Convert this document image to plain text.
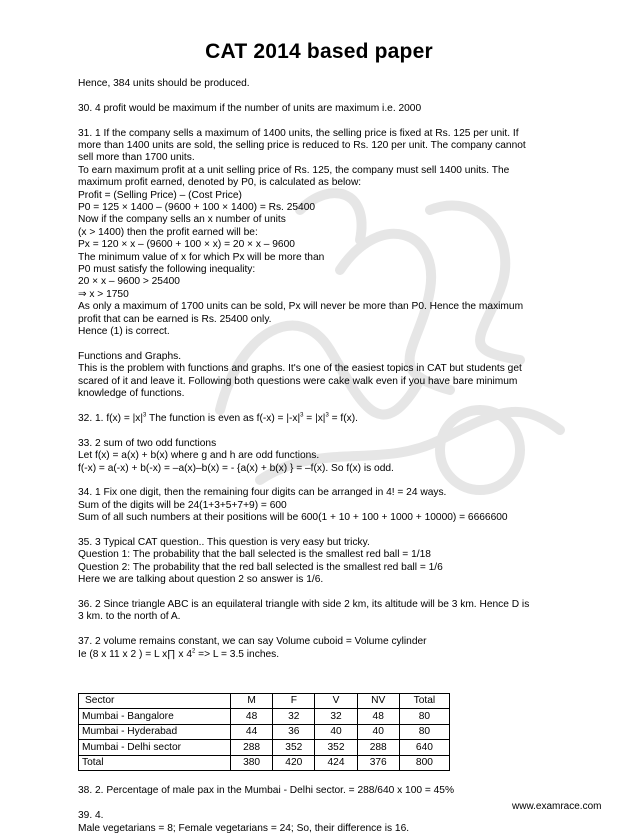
CAT 2014 based paper

Hence, 384 units should be produced.

30. 4 profit would be maximum if the number of units are maximum i.e. 2000

31. 1 If the company sells a maximum of 1400 units, the selling price is fixed at Rs. 125 per unit. If

more than 1400 units are sold, the selling price is reduced to Rs. 120 per unit. The company cannot

sell more than 1700 units.

To earn maximum profit at a unit selling price of Rs. 125, the company must sell 1400 units. The

maximum profit earned, denoted by P0, is calculated as below:

Profit = (Selling Price) – (Cost Price)

P0 = 125 × 1400 – (9600 + 100 × 1400) = Rs. 25400

Now if the company sells an x number of units

(x > 1400) then the profit earned will be:

Px = 120 × x – (9600 + 100 × x) = 20 × x – 9600

The minimum value of x for which Px will be more than

P0 must satisfy the following inequality:

20 × x – 9600 > 25400

⇒ x > 1750

As only a maximum of 1700 units can be sold, Px will never be more than P0. Hence the maximum

profit that can be earned is Rs. 25400 only.

Hence (1) is correct.

Functions and Graphs.

This is the problem with functions and graphs. It's one of the easiest topics in CAT but students get

scared of it and leave it. Following both questions were cake walk even if you have bare minimum

knowledge of functions.

32. 1. $f(x) = |x|^3$ The function is even as $f(-x) = |-x|^3 = |x|^3 = f(x)$.

33. 2 sum of two odd functions

Let f(x) = a(x) + b(x) where g and h are odd functions.

f(-x) = a(-x) + b(-x) = –a(x)–b(x) = - {a(x) + b(x) } = –f(x). So f(x) is odd.

34. 1 Fix one digit, then the remaining four digits can be arranged in 4! = 24 ways.

Sum of the digits will be 24(1+3+5+7+9) = 600

Sum of all such numbers at their positions will be 600(1 + 10 + 100 + 1000 + 10000) = 6666600

35. 3 Typical CAT question.. This question is very easy but tricky.

Question 1: The probability that the ball selected is the smallest red ball = 1/18

Question 2: The probability that the red ball selected is the smallest red ball = 1/6

Here we are talking about question 2 so answer is 1/6.

36. 2 Since triangle ABC is an equilateral triangle with side 2 km, its altitude will be 3 km. Hence D is

3 km. to the north of A.

37. 2 volume remains constant, we can say Volume cuboid = Volume cylinder

Ie (8 x 11 x 2 ) = L x∏ x $4^2 => L = 3.5$ inches.

Sector	M	F	V	NV	Total
Mumbai - Bangalore	48	32	32	48	80
Mumbai - Hyderabad	44	36	40	40	80
Mumbai - Delhi sector	288	352	352	288	640
Total	380	420	424	376	800

38. 2. Percentage of male pax in the Mumbai - Delhi sector. = 288/640 x 100 = 45%

39. 4.

Male vegetarians = 8; Female vegetarians = 24; So, their difference is 16.

www.examrace.com
